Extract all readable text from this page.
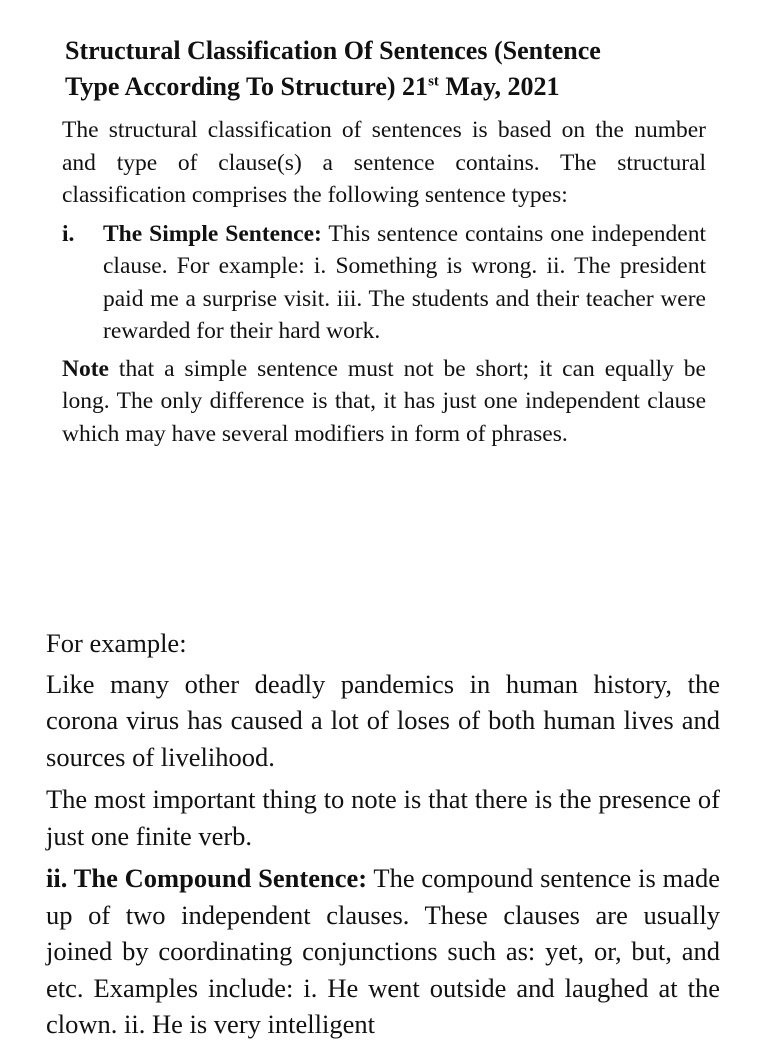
Structural Classification Of Sentences (Sentence
Type According To Structure) 21st May, 2021

The structural classification of sentences is based on the number and type of clause(s) a sentence contains. The structural classification comprises the following sentence types:

i. The Simple Sentence: This sentence contains one independent clause. For example: i. Something is wrong. ii. The president paid me a surprise visit. iii. The students and their teacher were rewarded for their hard work.

Note that a simple sentence must not be short; it can equally be long. The only difference is that, it has just one independent clause which may have several modifiers in form of phrases.

For example:

Like many other deadly pandemics in human history, the corona virus has caused a lot of loses of both human lives and sources of livelihood.

The most important thing to note is that there is the presence of just one finite verb.

ii. The Compound Sentence: The compound sentence is made up of two independent clauses. These clauses are usually joined by coordinating conjunctions such as: yet, or, but, and etc. Examples include: i. He went outside and laughed at the clown. ii. He is very intelligent
